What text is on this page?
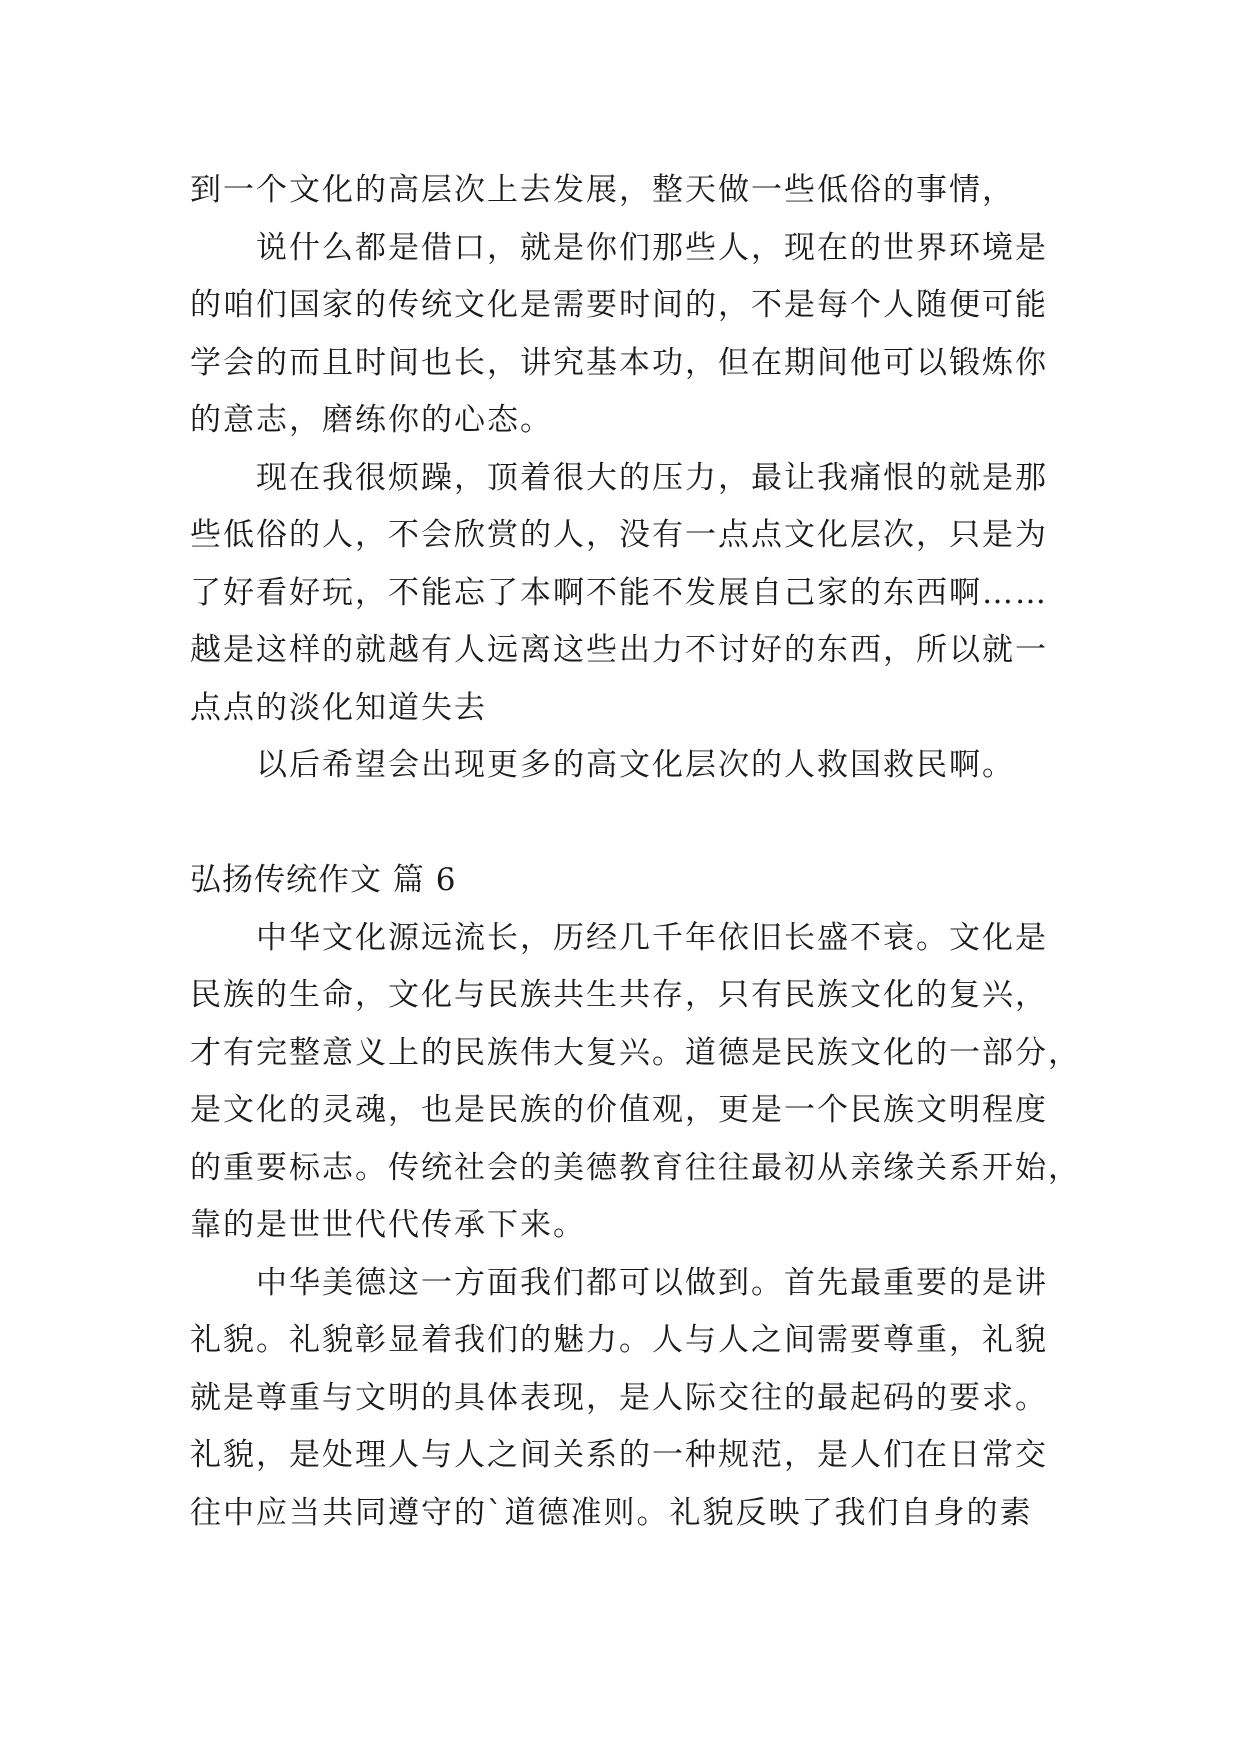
到一个文化的高层次上去发展，整天做一些低俗的事情，
说什么都是借口，就是你们那些人，现在的世界环境是
的咱们国家的传统文化是需要时间的，不是每个人随便可能
学会的而且时间也长，讲究基本功，但在期间他可以锻炼你
的意志，磨练你的心态。
现在我很烦躁，顶着很大的压力，最让我痛恨的就是那
些低俗的人，不会欣赏的人，没有一点点文化层次，只是为
了好看好玩，不能忘了本啊不能不发展自己家的东西啊……
越是这样的就越有人远离这些出力不讨好的东西，所以就一
点点的淡化知道失去
以后希望会出现更多的高文化层次的人救国救民啊。
弘扬传统作文 篇 6
中华文化源远流长，历经几千年依旧长盛不衰。文化是
民族的生命，文化与民族共生共存，只有民族文化的复兴，
才有完整意义上的民族伟大复兴。道德是民族文化的一部分，
是文化的灵魂，也是民族的价值观，更是一个民族文明程度
的重要标志。传统社会的美德教育往往最初从亲缘关系开始，
靠的是世世代代传承下来。
中华美德这一方面我们都可以做到。首先最重要的是讲
礼貌。礼貌彰显着我们的魅力。人与人之间需要尊重，礼貌
就是尊重与文明的具体表现，是人际交往的最起码的要求。
礼貌，是处理人与人之间关系的一种规范，是人们在日常交
往中应当共同遵守的`道德准则。礼貌反映了我们自身的素
